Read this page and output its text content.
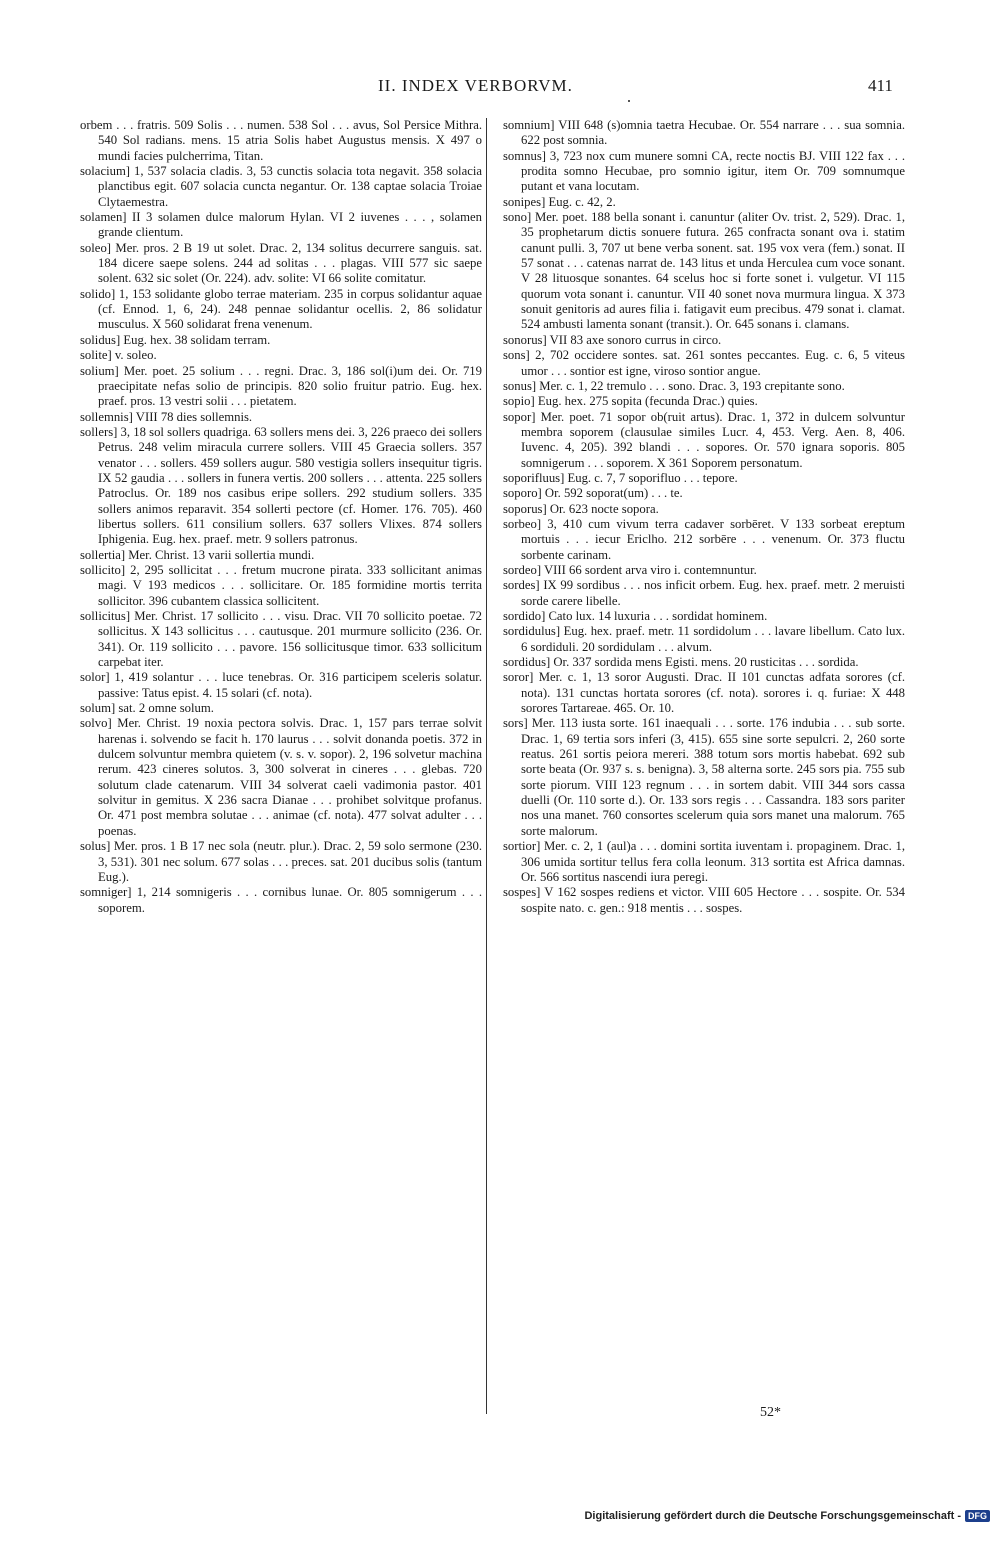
II. INDEX VERBORVM.	411

orbem . . . fratris. 509 Solis . . . numen. 538 Sol . . . avus, Sol Persice Mithra. 540 Sol radians. mens. 15 atria Solis habet Augustus mensis. X 497 o mundi facies pulcherrima, Titan.

solacium] 1, 537 solacia cladis. 3, 53 cunctis solacia tota negavit. 358 solacia planctibus egit. 607 solacia cuncta negantur. Or. 138 captae solacia Troiae Clytaemestra.

solamen] II 3 solamen dulce malorum Hylan. VI 2 iuvenes . . . , solamen grande clientum.

soleo] Mer. pros. 2 B 19 ut solet. Drac. 2, 134 solitus decurrere sanguis. sat. 184 dicere saepe solens. 244 ad solitas . . . plagas. VIII 577 sic saepe solent. 632 sic solet (Or. 224). adv. solite: VI 66 solite comitatur.

solido] 1, 153 solidante globo terrae materiam. 235 in corpus solidantur aquae (cf. Ennod. 1, 6, 24). 248 pennae solidantur ocellis. 2, 86 solidatur musculus. X 560 solidarat frena venenum.

solidus] Eug. hex. 38 solidam terram.

solite] v. soleo.

solium] Mer. poet. 25 solium . . . regni. Drac. 3, 186 sol(i)um dei. Or. 719 praecipitate nefas solio de principis. 820 solio fruitur patrio. Eug. hex. praef. pros. 13 vestri solii . . . pietatem.

sollemnis] VIII 78 dies sollemnis.

sollers] 3, 18 sol sollers quadriga. 63 sollers mens dei. 3, 226 praeco dei sollers Petrus. 248 velim miracula currere sollers. VIII 45 Graecia sollers. 357 venator . . . sollers. 459 sollers augur. 580 vestigia sollers insequitur tigris. IX 52 gaudia . . . sollers in funera vertis. 200 sollers . . . attenta. 225 sollers Patroclus. Or. 189 nos casibus eripe sollers. 292 studium sollers. 335 sollers animos reparavit. 354 sollerti pectore (cf. Homer. 176. 705). 460 libertus sollers. 611 consilium sollers. 637 sollers Vlixes. 874 sollers Iphigenia. Eug. hex. praef. metr. 9 sollers patronus.

sollertia] Mer. Christ. 13 varii sollertia mundi.

sollicito] 2, 295 sollicitat . . . fretum mucrone pirata. 333 sollicitant animas magi. V 193 medicos . . . sollicitare. Or. 185 formidine mortis territa sollicitor. 396 cubantem classica sollicitent.

sollicitus] Mer. Christ. 17 sollicito . . . visu. Drac. VII 70 sollicito poetae. 72 sollicitus. X 143 sollicitus . . . cautusque. 201 murmure sollicito (236. Or. 341). Or. 119 sollicito . . . pavore. 156 sollicitusque timor. 633 sollicitum carpebat iter.

solor] 1, 419 solantur . . . luce tenebras. Or. 316 participem sceleris solatur. passive: Tatus epist. 4. 15 solari (cf. nota).

solum] sat. 2 omne solum.

solvo] Mer. Christ. 19 noxia pectora solvis. Drac. 1, 157 pars terrae solvit harenas i. solvendo se facit h. 170 laurus . . . solvit donanda poetis. 372 in dulcem solvuntur membra quietem (v. s. v. sopor). 2, 196 solvetur machina rerum. 423 cineres solutos. 3, 300 solverat in cineres . . . glebas. 720 solutum clade catenarum. VIII 34 solverat caeli vadimonia pastor. 401 solvitur in gemitus. X 236 sacra Dianae . . . prohibet solvitque profanus. Or. 471 post membra solutae . . . animae (cf. nota). 477 solvat adulter . . . poenas.

solus] Mer. pros. 1 B 17 nec sola (neutr. plur.). Drac. 2, 59 solo sermone (230. 3, 531). 301 nec solum. 677 solas . . . preces. sat. 201 ducibus solis (tantum Eug.).

somniger] 1, 214 somnigeris . . . cornibus lunae. Or. 805 somnigerum . . . soporem.

somnium] VIII 648 (s)omnia taetra Hecubae. Or. 554 narrare . . . sua somnia. 622 post somnia.

somnus] 3, 723 nox cum munere somni CA, recte noctis BJ. VIII 122 fax . . . prodita somno Hecubae, pro somnio igitur, item Or. 709 somnumque putant et vana locutam.

sonipes] Eug. c. 42, 2.

sono] Mer. poet. 188 bella sonant i. canuntur (aliter Ov. trist. 2, 529). Drac. 1, 35 prophetarum dictis sonuere futura. 265 confracta sonant ova i. statim canunt pulli. 3, 707 ut bene verba sonent. sat. 195 vox vera (fem.) sonat. II 57 sonat . . . catenas narrat de. 143 litus et unda Herculea cum voce sonant. V 28 lituosque sonantes. 64 scelus hoc si forte sonet i. vulgetur. VI 115 quorum vota sonant i. canuntur. VII 40 sonet nova murmura lingua. X 373 sonuit genitoris ad aures filia i. fatigavit eum precibus. 479 sonat i. clamat. 524 ambusti lamenta sonant (transit.). Or. 645 sonans i. clamans.

sonorus] VII 83 axe sonoro currus in circo.

sons] 2, 702 occidere sontes. sat. 261 sontes peccantes. Eug. c. 6, 5 viteus umor . . . sontior est igne, viroso sontior angue.

sonus] Mer. c. 1, 22 tremulo . . . sono. Drac. 3, 193 crepitante sono.

sopio] Eug. hex. 275 sopita (fecunda Drac.) quies.

sopor] Mer. poet. 71 sopor ob(ruit artus). Drac. 1, 372 in dulcem solvuntur membra soporem (clausulae similes Lucr. 4, 453. Verg. Aen. 8, 406. Iuvenc. 4, 205). 392 blandi . . . sopores. Or. 570 ignara soporis. 805 somnigerum . . . soporem. X 361 Soporem personatum.

soporifluus] Eug. c. 7, 7 soporifluo . . . tepore.

soporo] Or. 592 soporat(um) . . . te.

soporus] Or. 623 nocte sopora.

sorbeo] 3, 410 cum vivum terra cadaver sorbēret. V 133 sorbeat ereptum mortuis . . . iecur Ericlho. 212 sorbēre . . . venenum. Or. 373 fluctu sorbente carinam.

sordeo] VIII 66 sordent arva viro i. contemnuntur.

sordes] IX 99 sordibus . . . nos inficit orbem. Eug. hex. praef. metr. 2 meruisti sorde carere libelle.

sordido] Cato lux. 14 luxuria . . . sordidat hominem.

sordidulus] Eug. hex. praef. metr. 11 sordidolum . . . lavare libellum. Cato lux. 6 sordiduli. 20 sordidulam . . . alvum.

sordidus] Or. 337 sordida mens Egisti. mens. 20 rusticitas . . . sordida.

soror] Mer. c. 1, 13 soror Augusti. Drac. II 101 cunctas adfata sorores (cf. nota). 131 cunctas hortata sorores (cf. nota). sorores i. q. furiae: X 448 sorores Tartareae. 465. Or. 10.

sors] Mer. 113 iusta sorte. 161 inaequali . . . sorte. 176 indubia . . . sub sorte. Drac. 1, 69 tertia sors inferi (3, 415). 655 sine sorte sepulcri. 2, 260 sorte reatus. 261 sortis peiora mereri. 388 totum sors mortis habebat. 692 sub sorte beata (Or. 937 s. s. benigna). 3, 58 alterna sorte. 245 sors pia. 755 sub sorte piorum. VIII 123 regnum . . . in sortem dabit. VIII 344 sors cassa duelli (Or. 110 sorte d.). Or. 133 sors regis . . . Cassandra. 183 sors pariter nos una manet. 760 consortes scelerum quia sors manet una malorum. 765 sorte malorum.

sortior] Mer. c. 2, 1 (aul)a . . . domini sortita iuventam i. propaginem. Drac. 1, 306 umida sortitur tellus fera colla leonum. 313 sortita est Africa damnas. Or. 566 sortitus nascendi iura peregi.

sospes] V 162 sospes rediens et victor. VIII 605 Hectore . . . sospite. Or. 534 sospite nato. c. gen.: 918 mentis . . . sospes.

52*
Digitalisierung gefördert durch die Deutsche Forschungsgemeinschaft - DFG
